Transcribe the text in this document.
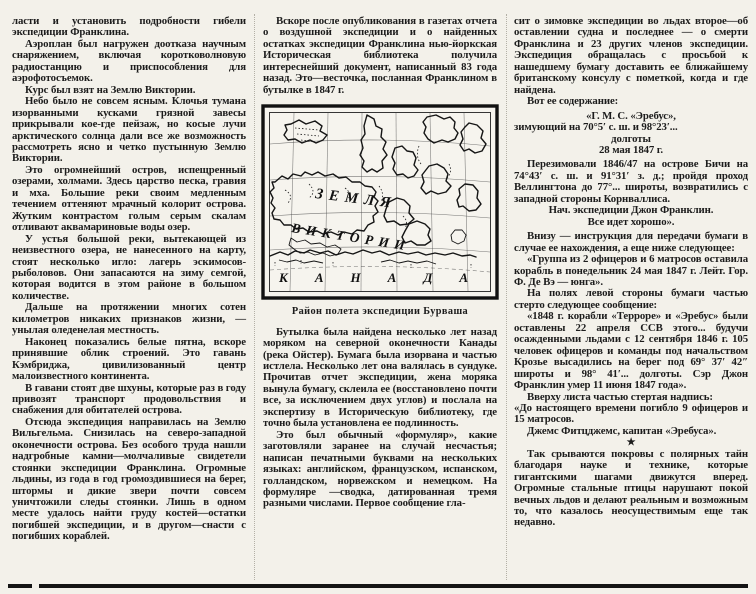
ласти и установить подробности гибели экспедиции Франклина.

Аэроплан был нагружен доотказа научным снаряжением, включая коротковолновую радиостанцию и приспособления для аэрофотосъемок.

Курс был взят на Землю Виктории.

Небо было не совсем ясным. Клочья тумана изорванными кусками грязной завесы прикрывали кое-где пейзаж, но косые лучи арктического солнца дали все же возможность рассмотреть ясно и четко пустынную Землю Виктории.

Это огромнейший остров, испещренный озерами, холмами. Здесь царство песка, гравия и мха. Большие реки своим медленным течением оттеняют мрачный колорит острова. Жутким контрастом голым серым скалам отливают аквамариновые воды озер.

У устья большой реки, вытекающей из неизвестного озера, не нанесенного на карту, стоят несколько игло: лагерь эскимосов-рыболовов. Они запасаются на зиму семгой, которая водится в этом районе в большом количестве.

Дальше на протяжении многих сотен километров никаких признаков жизни, — унылая оледенелая местность.

Наконец показались белые пятна, вскоре принявшие облик строений. Это гавань Кэмбриджа, цивилизованный центр малоизвестного континента.

В гавани стоят две шхуны, которые раз в году привозят транспорт продовольствия и снабжения для обитателей острова.

Отсюда экспедиция направилась на Землю Вильгельма. Снизилась на северо-западной оконечности острова. Без особого труда нашли надгробные камни—молчаливые свидетели стоянки экспедиции Франклина. Огромные льдины, из года в год громоздившиеся на берег, штормы и дикие звери почти совсем уничтожили следы стоянки. Лишь в одном месте удалось найти груду костей—остатки погибшей экспедиции, и в другом—снасти с погибших кораблей.

Вскоре после опубликования в газетах отчета о воздушной экспедиции и о найденных остатках экспедиции Франклина нью-йоркская Историческая библиотека получила интереснейший документ, написанный 83 года назад. Это—весточка, посланная Франклином в бутылке в 1847 г.

ЗЕМЛЯ
ВИКТОРИИ
КАНАДА
Район полета экспедиции Бурваша

Бутылка была найдена несколько лет назад моряком на северной оконечности Канады (река Ойстер). Бумага была изорвана и частью истлела. Несколько лет она валялась в сундуке. Прочитав отчет экспедиции, жена моряка вынула бумагу, склеила ее (восстановлено почти все, за исключением двух углов) и послала на экспертизу в Историческую библиотеку, где точно была установлена ее подлинность.

Это был обычный «формуляр», какие заготовляли заранее на случай несчастья; написан печатными буквами на нескольких языках: английском, французском, испанском, голландском, норвежском и немецком. На формуляре —сводка, датированная тремя разными числами. Первое сообщение гла-

сит о зимовке экспедиции во льдах второе—об оставлении судна и последнее — о смерти Франклина и 23 других членов экспедиции. Экспедиция обращалась с просьбой к нашедшему бумагу доставить ее ближайшему британскому консулу с пометкой, когда и где найдена.

Вот ее содержание:

«Г. М. С. «Эребус»,

зимующий на 70°5′ с. ш. и 98°23′...

долготы

28 мая 1847 г.

Перезимовали 1846/47 на острове Бичи на 74°43′ с. ш. и 91°31′ з. д.; пройдя проход Веллингтона до 77°... широты, возвратились с западной стороны Корнваллиса.

Нач. экспедиции Джон Франклин.

Все идет хорошо».

Внизу — инструкция для передачи бумаги в случае ее нахождения, а еще ниже следующее:

«Группа из 2 офицеров и 6 матросов оставила корабль в понедельник 24 мая 1847 г. Лейт. Гор. Ф. Де Вэ — юнга».

На полях левой стороны бумаги частью стерто следующее сообщение:

«1848 г. корабли «Терроре» и «Эребус» были оставлены 22 апреля ССВ этого... будучи осажденными льдами с 12 сентября 1846 г. 105 человек офицеров и команды под начальством Крозье высадились на берег под 69° 37′ 42″ широты и 98° 41′... долготы. Сэр Джон Франклин умер 11 июня 1847 года».

Вверху листа частью стертая надпись:

«До настоящего времени погибло 9 офицеров и 15 матросов.

Джемс Фитцджемс, капитан «Эребуса».

★

Так срываются покровы с полярных тайн благодаря науке и технике, которые гигантскими шагами движутся вперед. Огромные стальные птицы нарушают покой вечных льдов и делают реальным и возможным то, что казалось неосуществимым еще так недавно.
